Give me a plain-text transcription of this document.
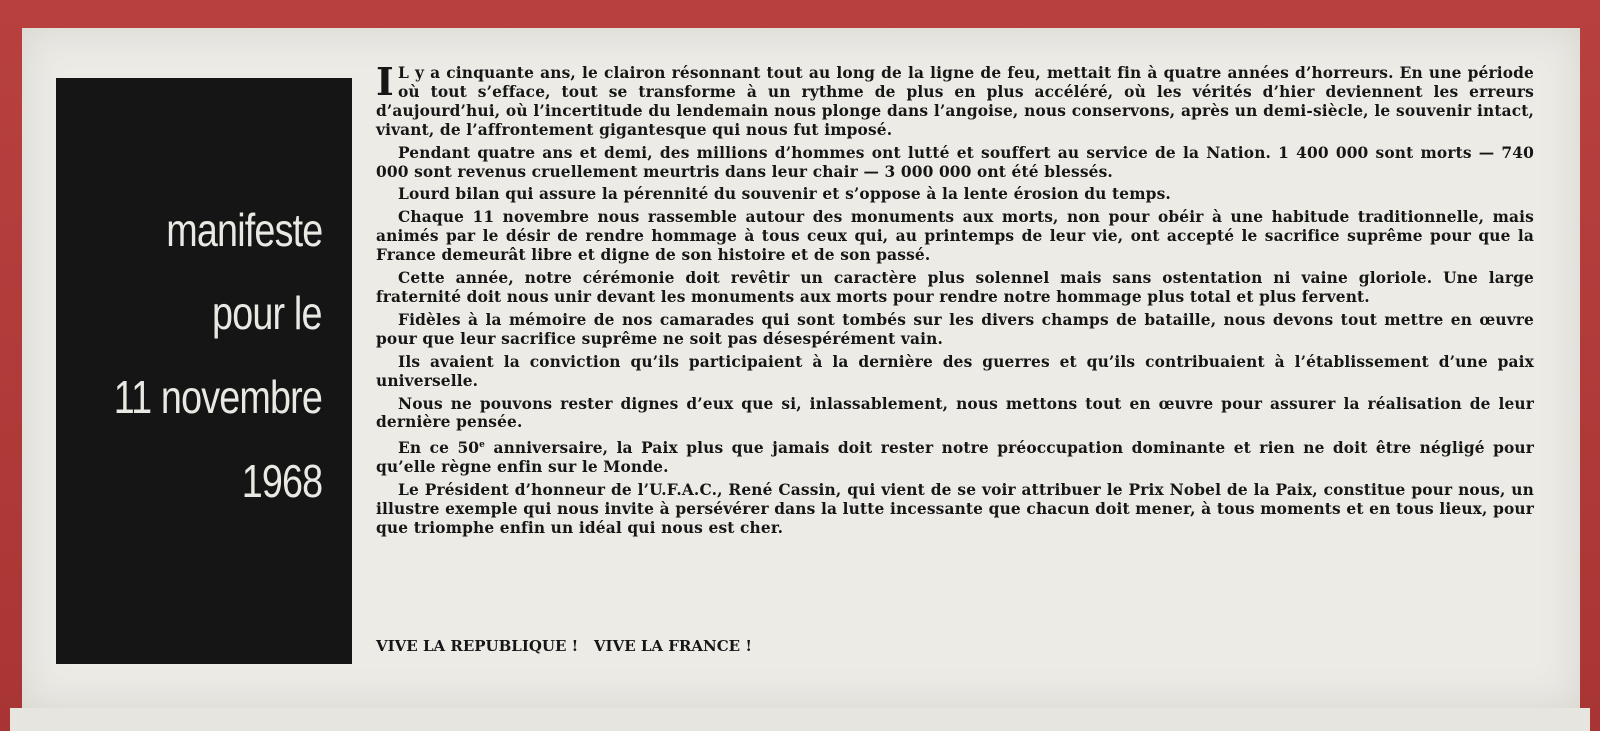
manifeste
pour le
11 novembre
1968

I L y a cinquante ans, le clairon résonnant tout au long de la ligne de feu, mettait fin à quatre années d’horreurs. En une période où tout s’efface, tout se transforme à un rythme de plus en plus accéléré, où les vérités d’hier deviennent les erreurs d’aujourd’hui, où l’incertitude du lendemain nous plonge dans l’angoise, nous conservons, après un demi-siècle, le souvenir intact, vivant, de l’affrontement gigantesque qui nous fut imposé.

Pendant quatre ans et demi, des millions d’hommes ont lutté et souffert au service de la Nation. 1 400 000 sont morts — 740 000 sont revenus cruellement meurtris dans leur chair — 3 000 000 ont été blessés.

Lourd bilan qui assure la pérennité du souvenir et s’oppose à la lente érosion du temps.

Chaque 11 novembre nous rassemble autour des monuments aux morts, non pour obéir à une habitude traditionnelle, mais animés par le désir de rendre hommage à tous ceux qui, au printemps de leur vie, ont accepté le sacrifice suprême pour que la France demeurât libre et digne de son histoire et de son passé.

Cette année, notre cérémonie doit revêtir un caractère plus solennel mais sans ostentation ni vaine gloriole. Une large fraternité doit nous unir devant les monuments aux morts pour rendre notre hommage plus total et plus fervent.

Fidèles à la mémoire de nos camarades qui sont tombés sur les divers champs de bataille, nous devons tout mettre en œuvre pour que leur sacrifice suprême ne soit pas désespérément vain.

Ils avaient la conviction qu’ils participaient à la dernière des guerres et qu’ils contribuaient à l’établissement d’une paix universelle.

Nous ne pouvons rester dignes d’eux que si, inlassablement, nous mettons tout en œuvre pour assurer la réalisation de leur dernière pensée.

En ce 50e anniversaire, la Paix plus que jamais doit rester notre préoccupation dominante et rien ne doit être négligé pour qu’elle règne enfin sur le Monde.

Le Président d’honneur de l’U.F.A.C., René Cassin, qui vient de se voir attribuer le Prix Nobel de la Paix, constitue pour nous, un illustre exemple qui nous invite à persévérer dans la lutte incessante que chacun doit mener, à tous moments et en tous lieux, pour que triomphe enfin un idéal qui nous est cher.

VIVE LA REPUBLIQUE ! VIVE LA FRANCE !
